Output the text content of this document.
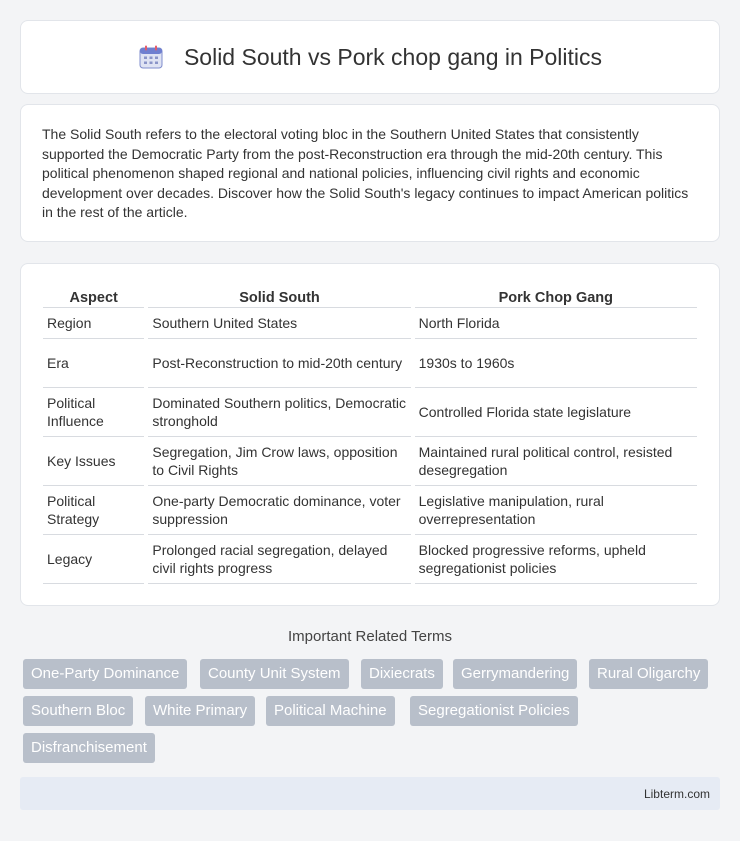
Solid South vs Pork chop gang in Politics

The Solid South refers to the electoral voting bloc in the Southern United States that consistently supported the Democratic Party from the post-Reconstruction era through the mid-20th century. This political phenomenon shaped regional and national policies, influencing civil rights and economic development over decades. Discover how the Solid South's legacy continues to impact American politics in the rest of the article.

Aspect	Solid South	Pork Chop Gang
Region	Southern United States	North Florida
Era	Post-Reconstruction to mid-20th century	1930s to 1960s
Political Influence	Dominated Southern politics, Democratic stronghold	Controlled Florida state legislature
Key Issues	Segregation, Jim Crow laws, opposition to Civil Rights	Maintained rural political control, resisted desegregation
Political Strategy	One-party Democratic dominance, voter suppression	Legislative manipulation, rural overrepresentation
Legacy	Prolonged racial segregation, delayed civil rights progress	Blocked progressive reforms, upheld segregationist policies
Important Related Terms
One-Party Dominance	County Unit System	Dixiecrats	Gerrymandering	Rural Oligarchy
Southern Bloc	White Primary	Political Machine	Segregationist Policies
Disfranchisement
Libterm.com
